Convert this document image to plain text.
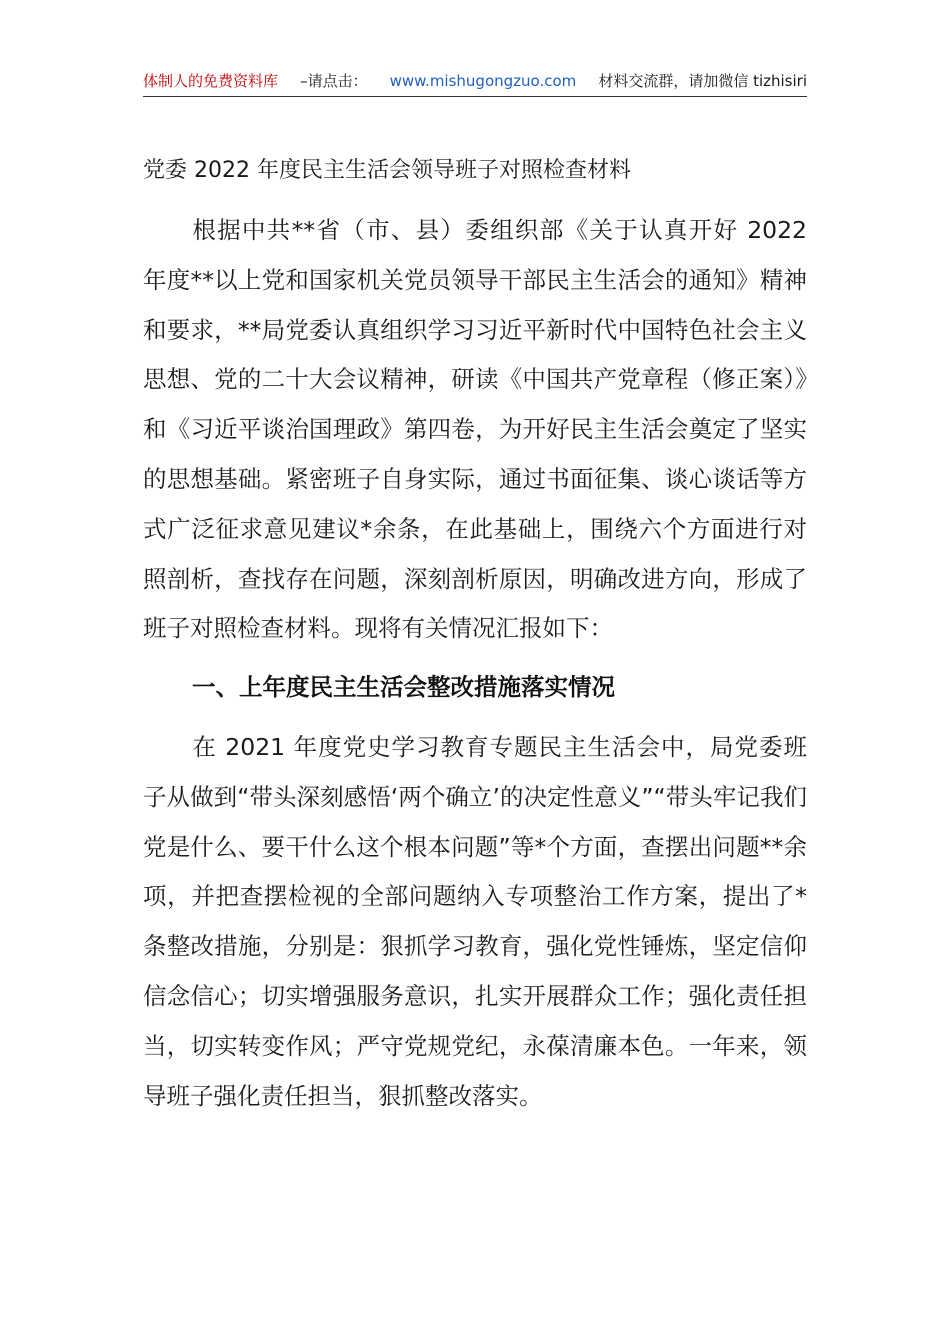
体制人的免费资料库 –请点击： www.mishugongzuo.com 材料交流群，请加微信 tizhisiri
党委 2022 年度民主生活会领导班子对照检查材料

根据中共**省（市、县）委组织部《关于认真开好 2022 年度**以上党和国家机关党员领导干部民主生活会的通知》精神和要求，**局党委认真组织学习习近平新时代中国特色社会主义思想、党的二十大会议精神，研读《中国共产党章程（修正案）》和《习近平谈治国理政》第四卷，为开好民主生活会奠定了坚实的思想基础。紧密班子自身实际，通过书面征集、谈心谈话等方式广泛征求意见建议*余条，在此基础上，围绕六个方面进行对照剖析，查找存在问题，深刻剖析原因，明确改进方向，形成了班子对照检查材料。现将有关情况汇报如下：

一、上年度民主生活会整改措施落实情况

在 2021 年度党史学习教育专题民主生活会中，局党委班子从做到“带头深刻感悟‘两个确立’的决定性意义”“带头牢记我们党是什么、要干什么这个根本问题”等*个方面，查摆出问题**余项，并把查摆检视的全部问题纳入专项整治工作方案，提出了*条整改措施，分别是：狠抓学习教育，强化党性锤炼，坚定信仰信念信心；切实增强服务意识，扎实开展群众工作；强化责任担当，切实转变作风；严守党规党纪，永葆清廉本色。一年来，领导班子强化责任担当，狠抓整改落实。
